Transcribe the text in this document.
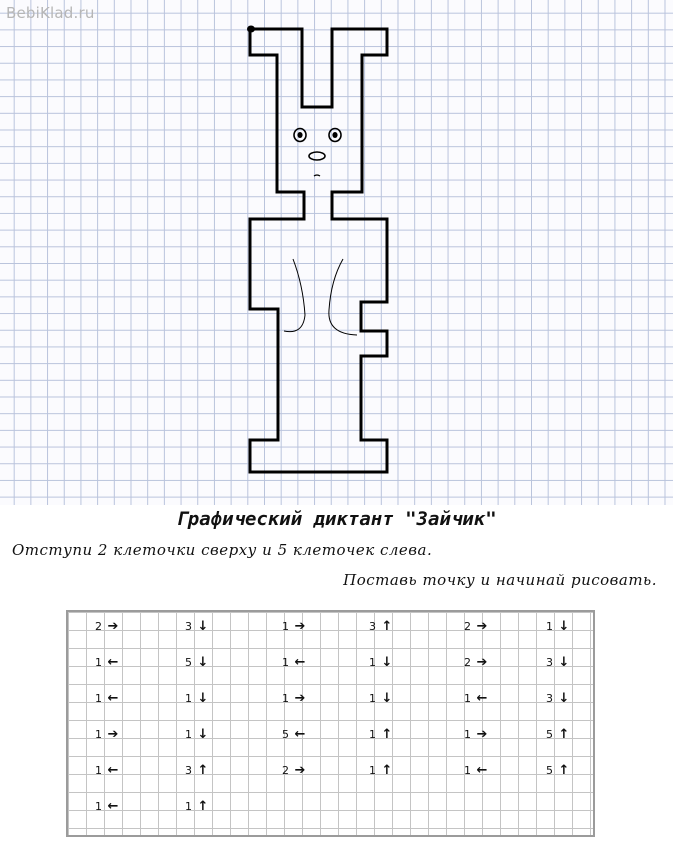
BebiKlad.ru
Графический диктант "Зайчик"
Отступи 2 клеточки сверху и 5 клеточек слева.
Поставь точку и начинай рисовать.
2 ➔
1 ←
1 ←
1 ➔
1 ←
1 ←
3 ↓
5 ↓
1 ↓
1 ↓
3 ↑
1 ↑
1 ➔
1 ←
1 ➔
5 ←
2 ➔
3 ↑
1 ↓
1 ↓
1 ↑
1 ↑
2 ➔
2 ➔
1 ←
1 ➔
1 ←
1 ↓
3 ↓
3 ↓
5 ↑
5 ↑
